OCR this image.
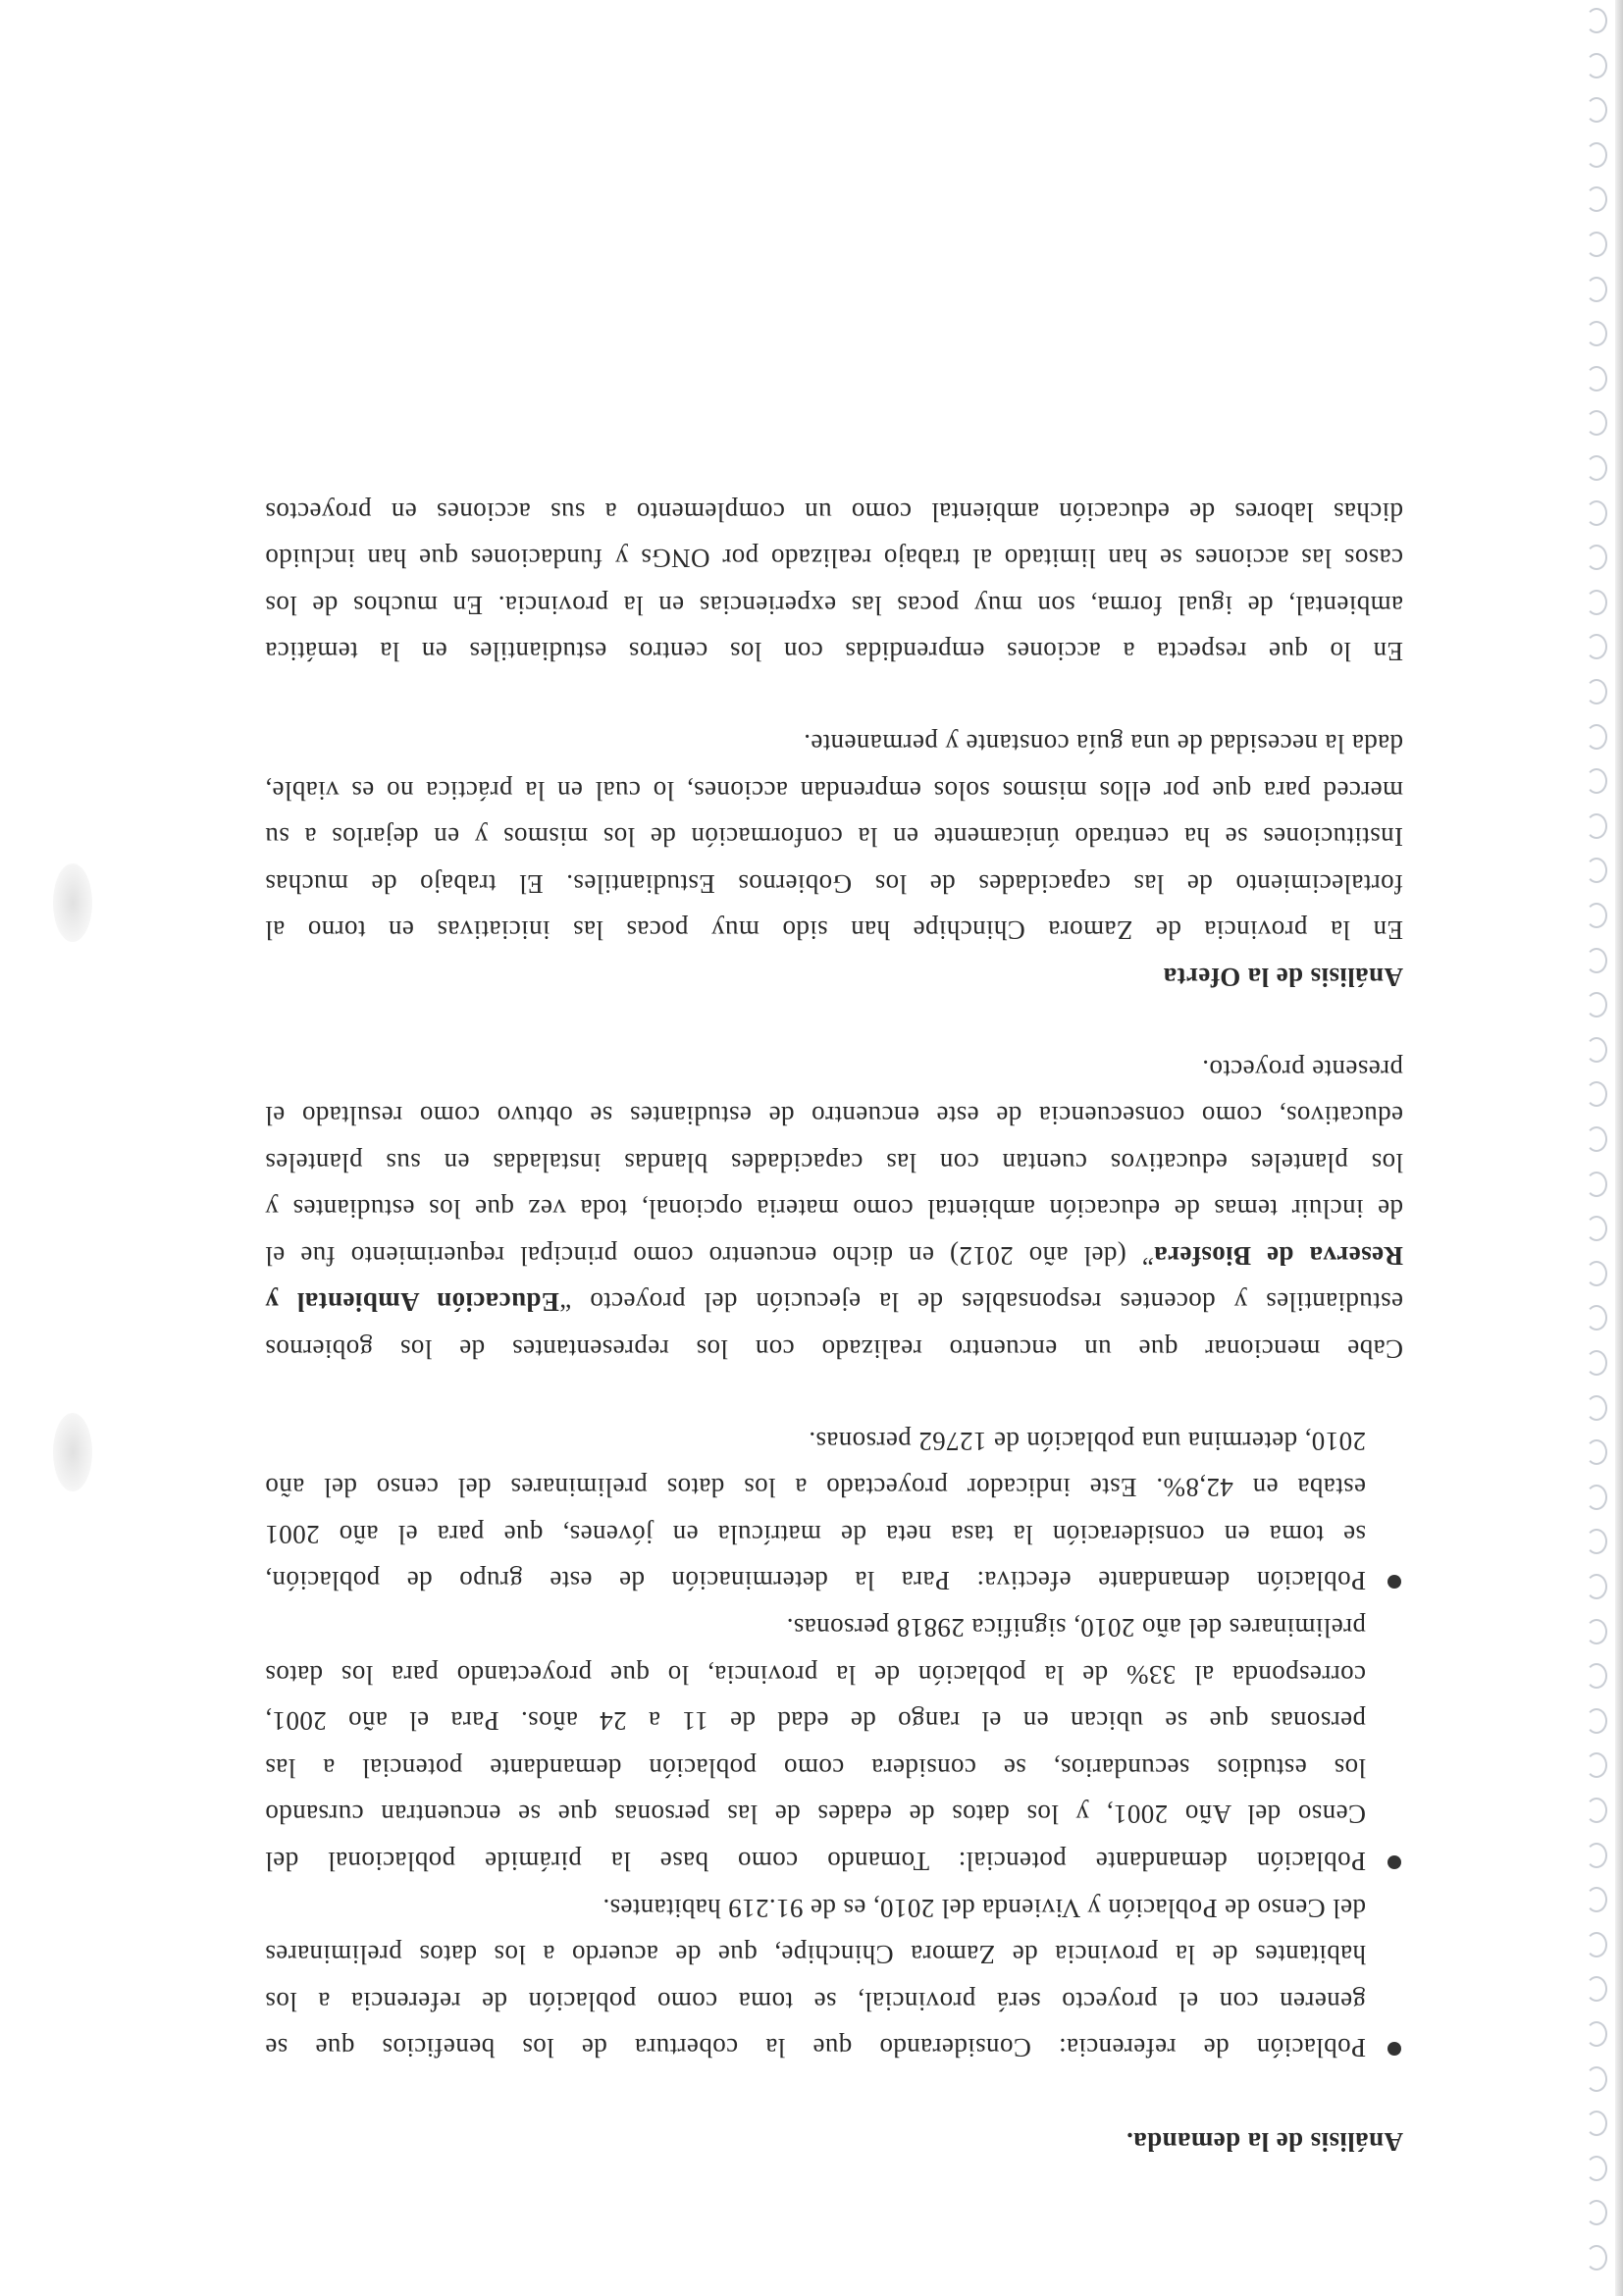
Análisis de la demanda.

Población de referencia: Considerando que la cobertura de los beneficios que se
generen con el proyecto será provincial, se toma como población de referencia a los
habitantes de la provincia de Zamora Chinchipe, que de acuerdo a los datos preliminares
del Censo de Población y Vivienda del 2010, es de 91.219 habitantes.
Población demandante potencial: Tomando como base la pirámide poblacional del
Censo del Año 2001, y los datos de edades de las personas que se encuentran cursando
los estudios secundarios, se considera como población demandante potencial a las
personas que se ubican en el rango de edad de 11 a 24 años. Para el año 2001,
corresponda al 33% de la población de la provincia, lo que proyectando para los datos
preliminares del año 2010, significa 29818 personas.
Población demandante efectiva: Para la determinación de este grupo de población,
se toma en consideración la tasa neta de matrícula en jóvenes, que para el año 2001
estaba en 42,8%. Este indicador proyectado a los datos preliminares del censo del año
2010, determina una población de 12762 personas.
Cabe mencionar que un encuentro realizado con los representantes de los gobiernos
estudiantiles y docentes responsables de la ejecución del proyecto “Educación Ambiental y
Reserva de Biosfera” (del año 2012) en dicho encuentro como principal requerimiento fue el
de incluir temas de educación ambiental como materia opcional, toda vez que los estudiantes y
los planteles educativos cuentan con las capacidades blandas instaladas en sus planteles
educativos, como consecuencia de este encuentro de estudiantes se obtuvo como resultado el
presente proyecto.

Análisis de la Oferta

En la provincia de Zamora Chinchipe han sido muy pocas las iniciativas en torno al
fortalecimiento de las capacidades de los Gobiernos Estudiantiles. El trabajo de muchas
Instituciones se ha centrado únicamente en la conformación de los mismos y en dejarlos a su
merced para que por ellos mismos solos emprendan acciones, lo cual en la práctica no es viable,
dada la necesidad de una guía constante y permanente.
En lo que respecta a acciones emprendidas con los centros estudiantiles en la temática
ambiental, de igual forma, son muy pocas las experiencias en la provincia. En muchos de los
casos las acciones se han limitado al trabajo realizado por ONGs y fundaciones que han incluido
dichas labores de educación ambiental como un complemento a sus acciones en proyectos
